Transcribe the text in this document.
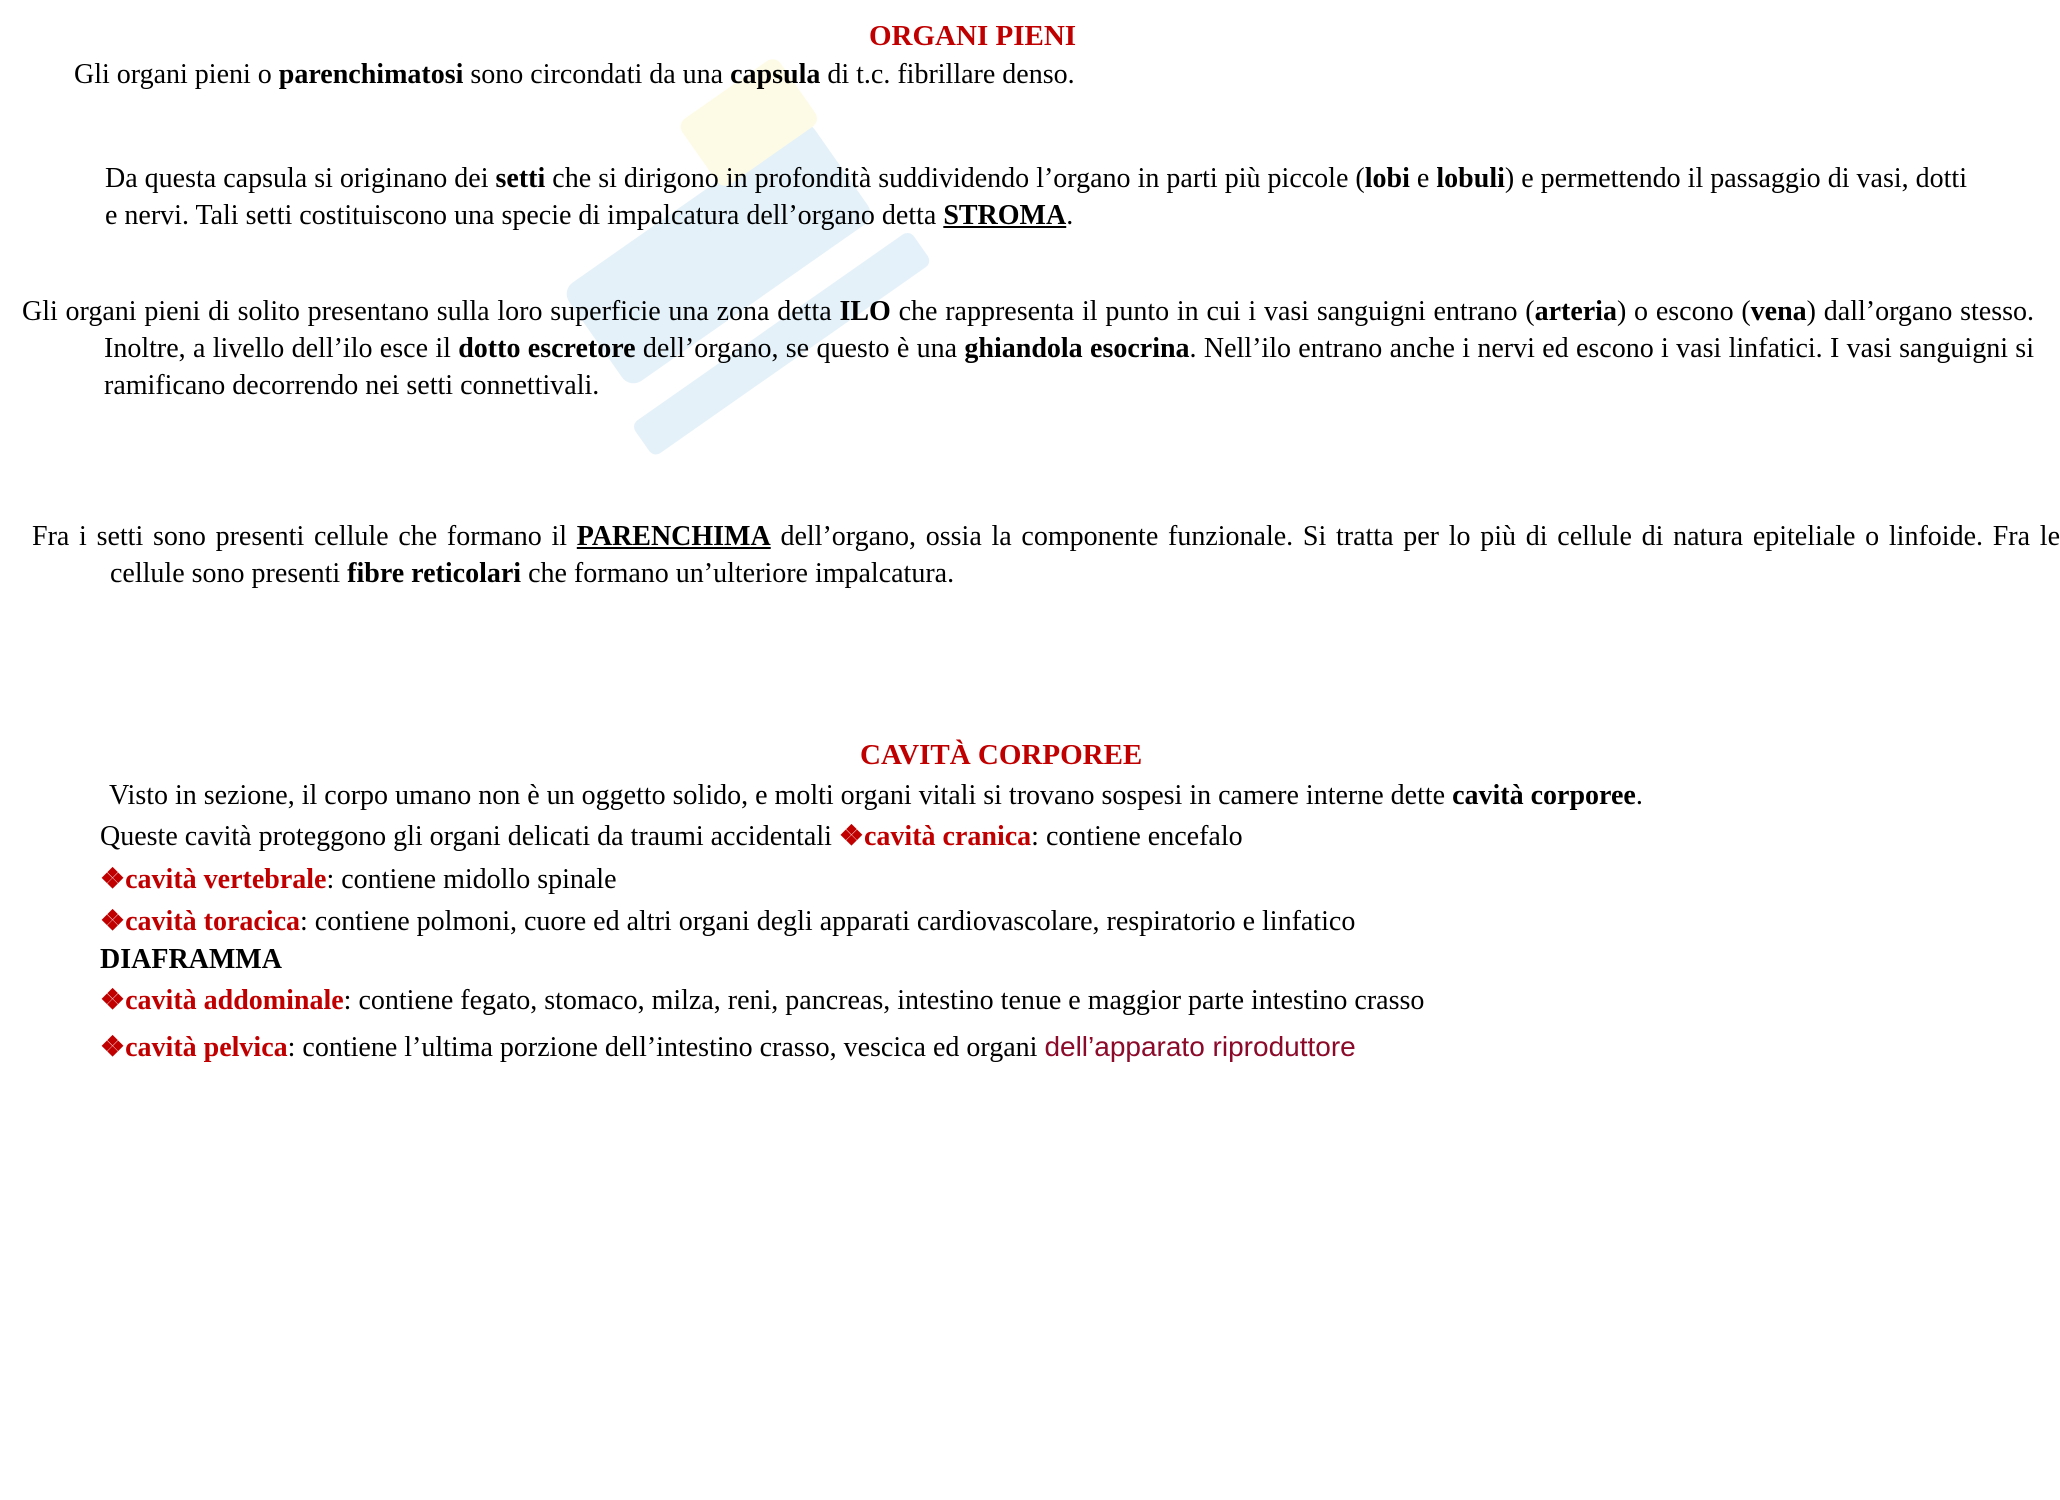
ORGANI PIENI
Gli organi pieni o parenchimatosi sono circondati da una capsula di t.c. fibrillare denso.
Da questa capsula si originano dei setti che si dirigono in profondità suddividendo l’organo in parti più piccole (lobi e lobuli) e permettendo il passaggio di vasi, dotti e nervi. Tali setti costituiscono una specie di impalcatura dell’organo detta STROMA.
Gli organi pieni di solito presentano sulla loro superficie una zona detta ILO che rappresenta il punto in cui i vasi sanguigni entrano (arteria) o escono (vena) dall’organo stesso. Inoltre, a livello dell’ilo esce il dotto escretore dell’organo, se questo è una ghiandola esocrina. Nell’ilo entrano anche i nervi ed escono i vasi linfatici. I vasi sanguigni si ramificano decorrendo nei setti connettivali.
Fra i setti sono presenti cellule che formano il PARENCHIMA dell’organo, ossia la componente funzionale. Si tratta per lo più di cellule di natura epiteliale o linfoide. Fra le cellule sono presenti fibre reticolari che formano un’ulteriore impalcatura.
CAVITÀ CORPOREE
Visto in sezione, il corpo umano non è un oggetto solido, e molti organi vitali si trovano sospesi in camere interne dette cavità corporee.
Queste cavità proteggono gli organi delicati da traumi accidentali ❖cavità cranica: contiene encefalo
❖cavità vertebrale: contiene midollo spinale
❖cavità toracica: contiene polmoni, cuore ed altri organi degli apparati cardiovascolare, respiratorio e linfatico
DIAFRAMMA
❖cavità addominale: contiene fegato, stomaco, milza, reni, pancreas, intestino tenue e maggior parte intestino crasso
❖cavità pelvica: contiene l’ultima porzione dell’intestino crasso, vescica ed organi dell’apparato riproduttore
